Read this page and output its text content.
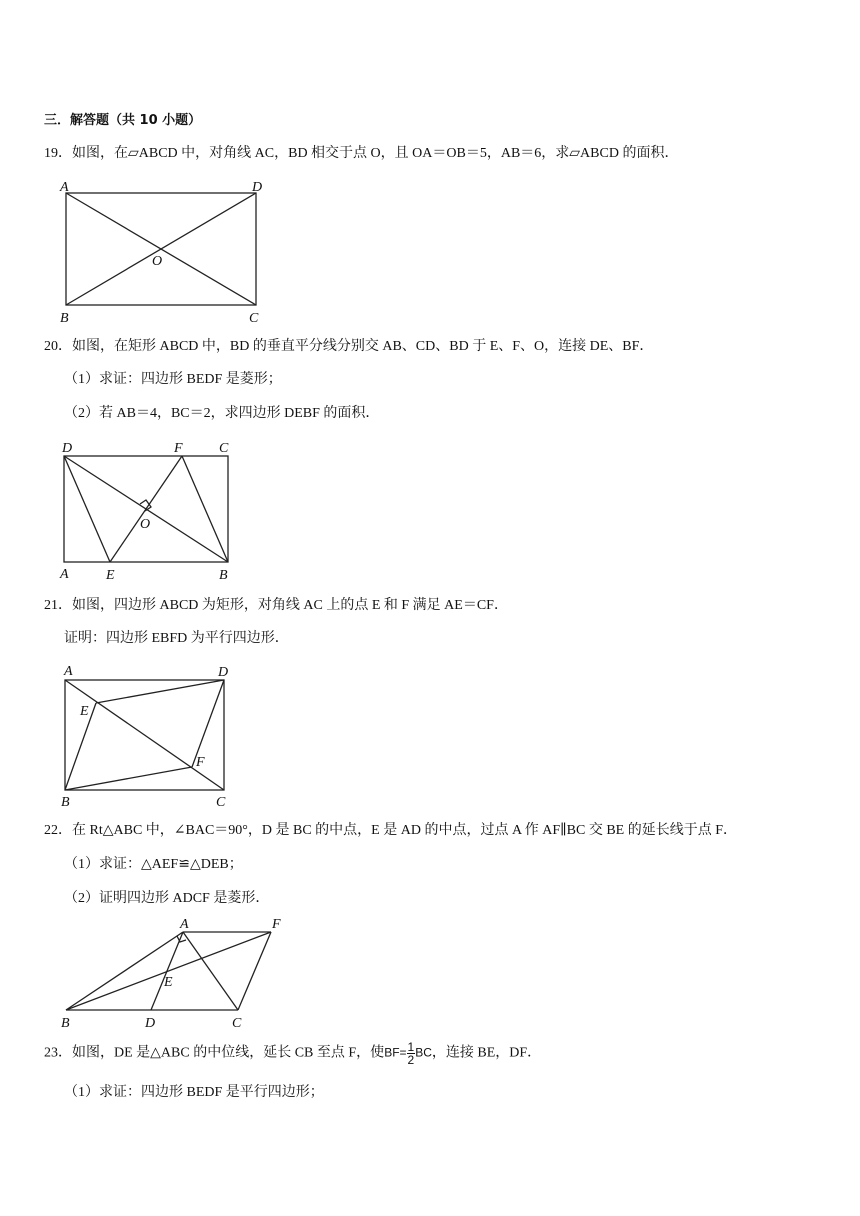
三．解答题（共 10 小题）
19．如图，在▱ABCD 中，对角线 AC，BD 相交于点 O，且 OA＝OB＝5，AB＝6，求▱ABCD 的面积．
A	D
O
B	C
20．如图，在矩形 ABCD 中，BD 的垂直平分线分别交 AB、CD、BD 于 E、F、O，连接 DE、BF．
（1）求证：四边形 BEDF 是菱形；
（2）若 AB＝4，BC＝2，求四边形 DEBF 的面积．
D	F	C
O
A	E	B
21．如图，四边形 ABCD 为矩形，对角线 AC 上的点 E 和 F 满足 AE＝CF．
证明：四边形 EBFD 为平行四边形．
A	D
E
F
B	C
22．在 Rt△ABC 中，∠BAC＝90°，D 是 BC 的中点，E 是 AD 的中点，过点 A 作 AF∥BC 交 BE 的延长线于点 F．
（1）求证：△AEF≌△DEB；
（2）证明四边形 ADCF 是菱形．
A	F
E
B	D	C
23．如图，DE 是△ABC 的中位线，延长 CB 至点 F，使$BF= \frac{1}{2}$ BC，连接 BE，DF．
（1）求证：四边形 BEDF 是平行四边形；
